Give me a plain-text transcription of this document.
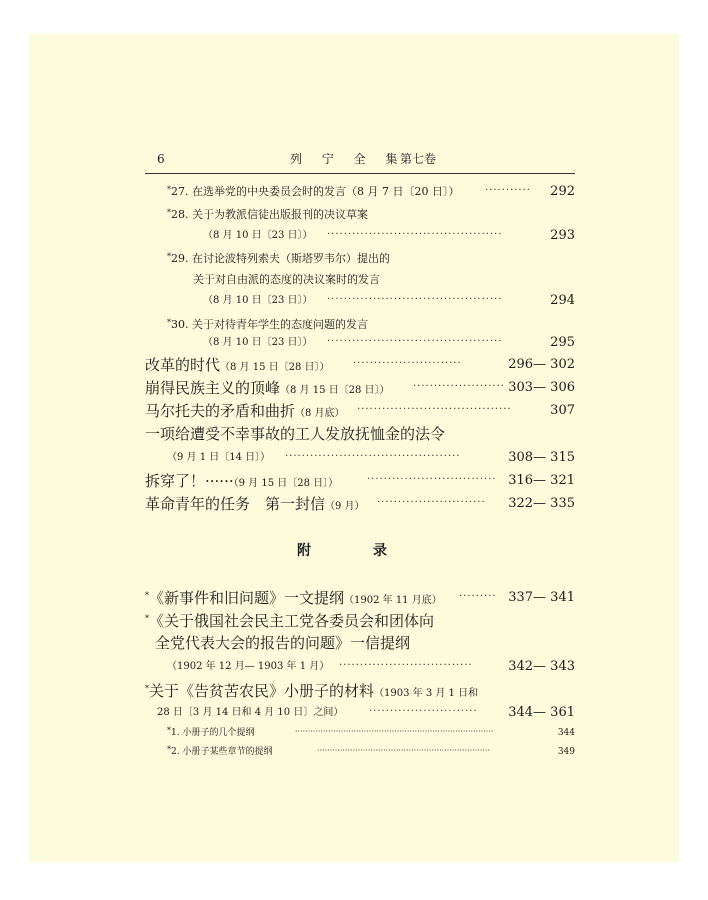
6	列 宁 全 集
第七卷
*27. 在选举党的中央委员会时的发言（8 月 7 日〔20 日〕）	···········	292
*28. 关于为教派信徒出版报刊的决议草案
（8 月 10 日〔23 日〕） ··········································	293
*29. 在讨论波特列索夫（斯塔罗韦尔）提出的
关于对自由派的态度的决议案时的发言
（8 月 10 日〔23 日〕） ··········································	294
*30. 关于对待青年学生的态度问题的发言
（8 月 10 日〔23 日〕） ··········································	295
改革的时代（8 月 15 日〔28 日〕） ··························	296— 302
崩得民族主义的顶峰（8 月 15 日〔28 日〕） ······················ 303— 306
马尔托夫的矛盾和曲折（8 月底） ·····································	307
一项给遭受不幸事故的工人发放抚恤金的法令
（9 月 1 日〔14 日〕） ··········································	308— 315
拆穿了！······（9 月 15 日〔28 日〕）	······························· 316— 321
革命青年的任务　第一封信（9 月） ··························	322— 335
附　录
*《新事件和旧问题》一文提纲（1902 年 11 月底） ········· 337— 341
*《关于俄国社会民主工党各委员会和团体向
全党代表大会的报告的问题》一信提纲
（1902 年 12 月— 1903 年 1 月） ································	342— 343
*关于《告贫苦农民》小册子的材料（1903 年 3 月 1 日和
28 日〔3 月 14 日和 4 月 10 日〕之间）	··························	344— 361
*1. 小册子的几个提纲	··············································································	344
*2. 小册子某些章节的提纲	····································································	349
